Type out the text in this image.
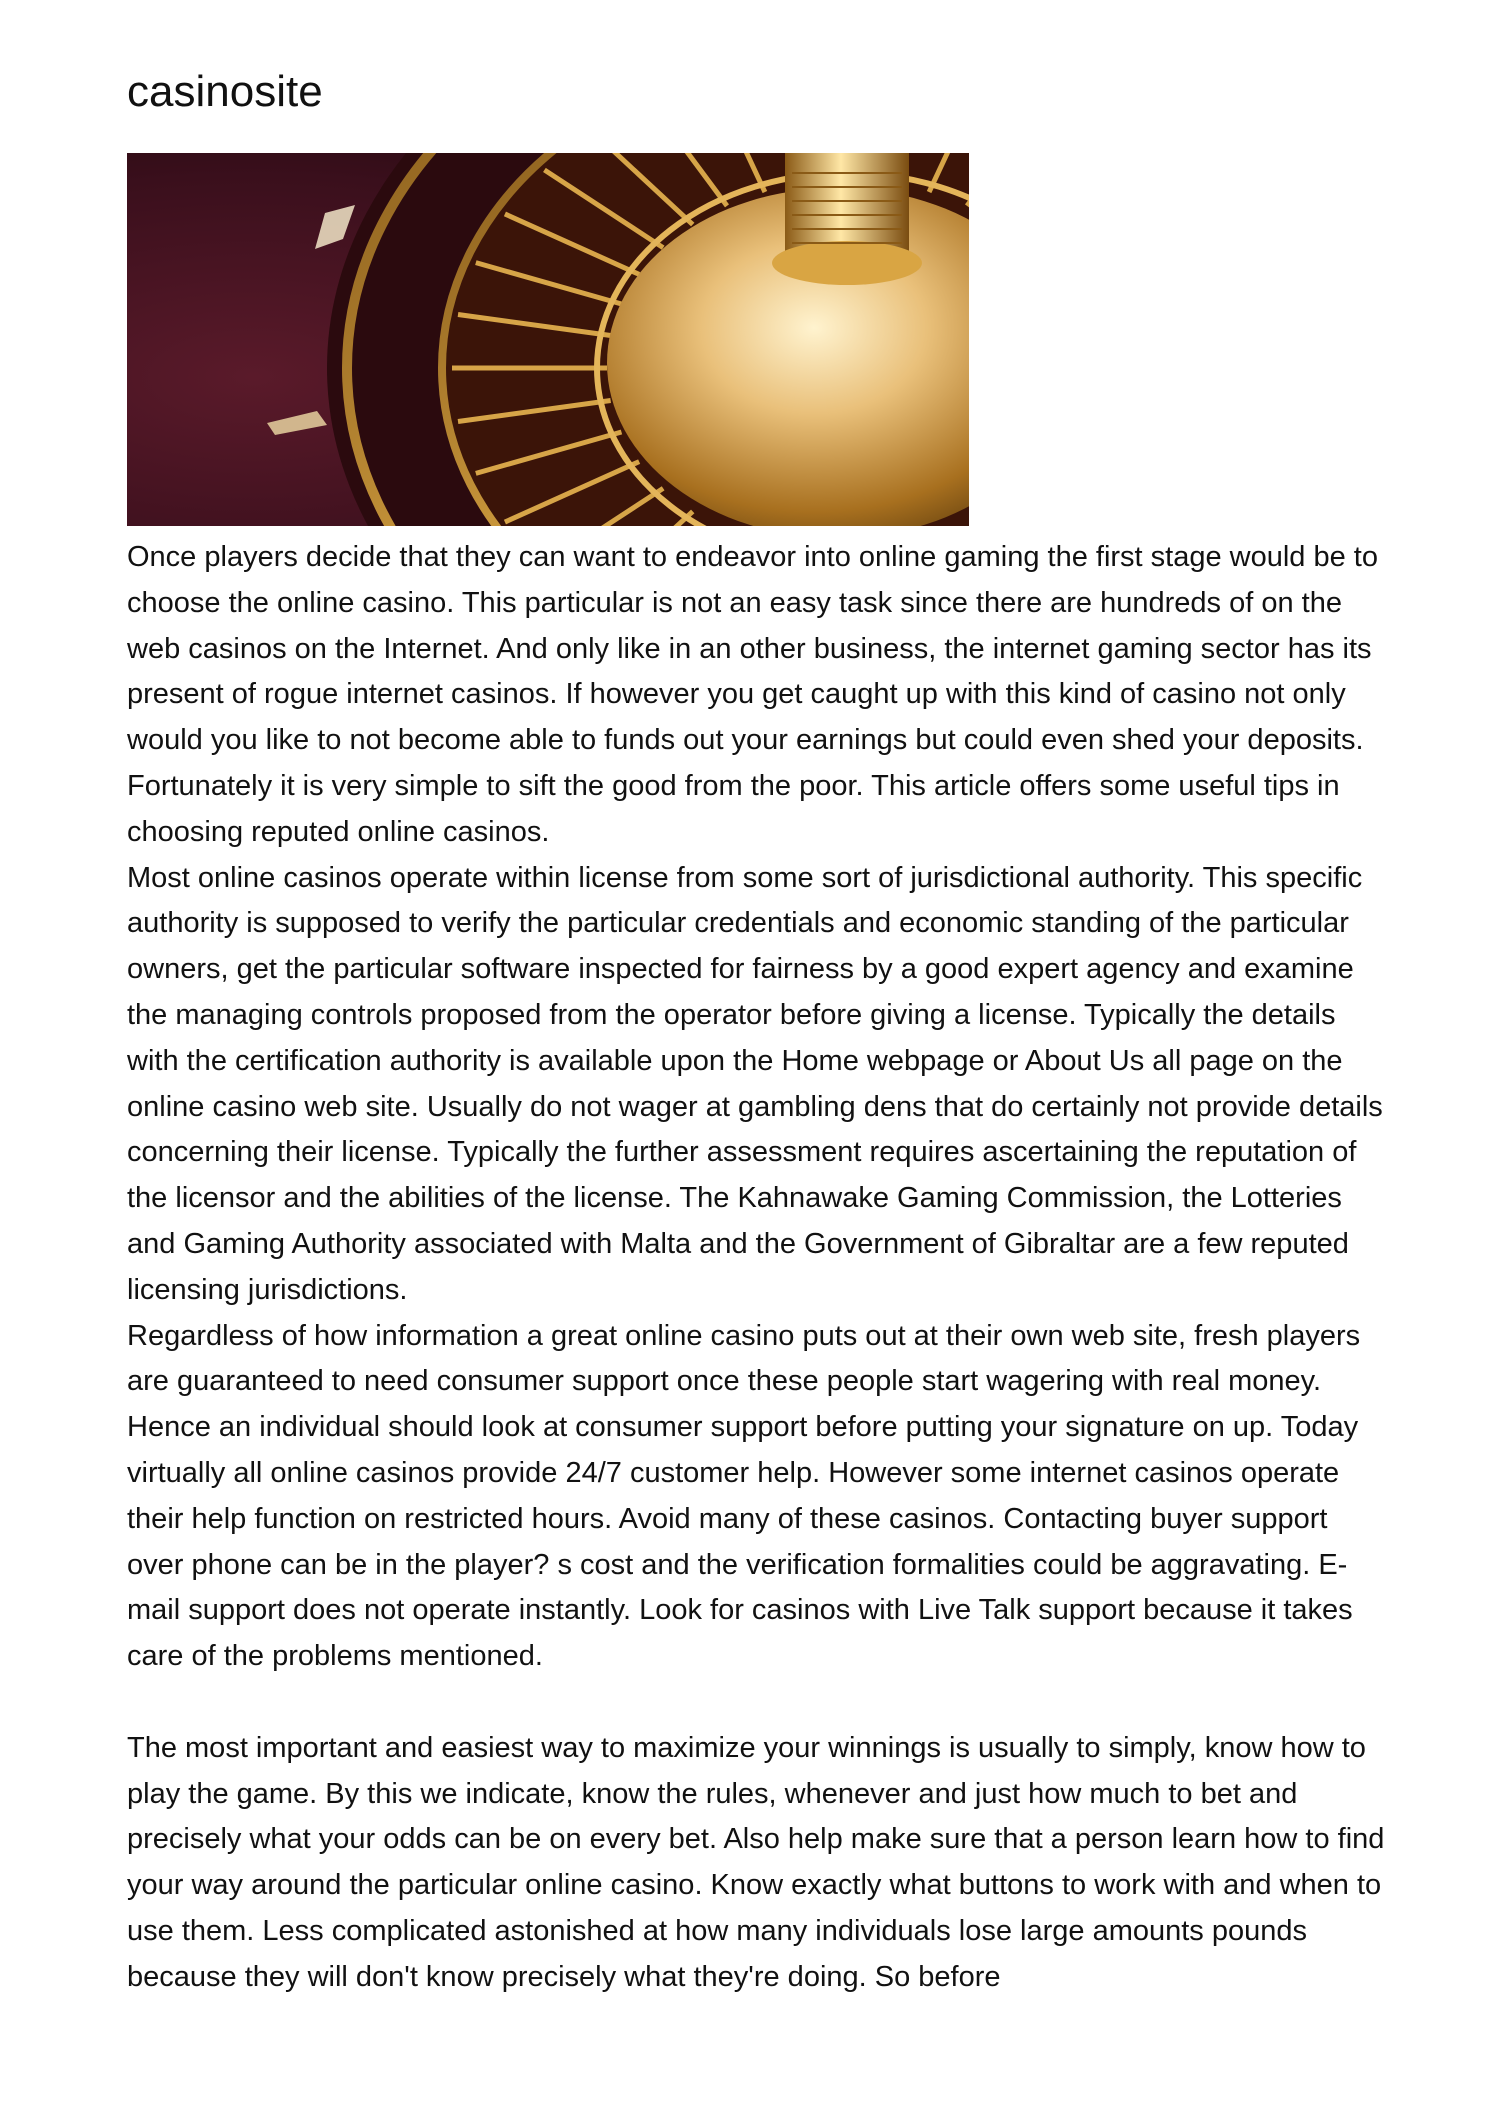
casinosite

Once players decide that they can want to endeavor into online gaming the first stage would be to choose the online casino. This particular is not an easy task since there are hundreds of on the web casinos on the Internet. And only like in an other business, the internet gaming sector has its present of rogue internet casinos. If however you get caught up with this kind of casino not only would you like to not become able to funds out your earnings but could even shed your deposits. Fortunately it is very simple to sift the good from the poor. This article offers some useful tips in choosing reputed online casinos.

Most online casinos operate within license from some sort of jurisdictional authority. This specific authority is supposed to verify the particular credentials and economic standing of the particular owners, get the particular software inspected for fairness by a good expert agency and examine the managing controls proposed from the operator before giving a license. Typically the details with the certification authority is available upon the Home webpage or About Us all page on the online casino web site. Usually do not wager at gambling dens that do certainly not provide details concerning their license. Typically the further assessment requires ascertaining the reputation of the licensor and the abilities of the license. The Kahnawake Gaming Commission, the Lotteries and Gaming Authority associated with Malta and the Government of Gibraltar are a few reputed licensing jurisdictions.

Regardless of how information a great online casino puts out at their own web site, fresh players are guaranteed to need consumer support once these people start wagering with real money. Hence an individual should look at consumer support before putting your signature on up. Today virtually all online casinos provide 24/7 customer help. However some internet casinos operate their help function on restricted hours. Avoid many of these casinos. Contacting buyer support over phone can be in the player? s cost and the verification formalities could be aggravating. E-mail support does not operate instantly. Look for casinos with Live Talk support because it takes care of the problems mentioned.

The most important and easiest way to maximize your winnings is usually to simply, know how to play the game. By this we indicate, know the rules, whenever and just how much to bet and precisely what your odds can be on every bet. Also help make sure that a person learn how to find your way around the particular online casino. Know exactly what buttons to work with and when to use them. Less complicated astonished at how many individuals lose large amounts pounds because they will don't know precisely what they're doing. So before
